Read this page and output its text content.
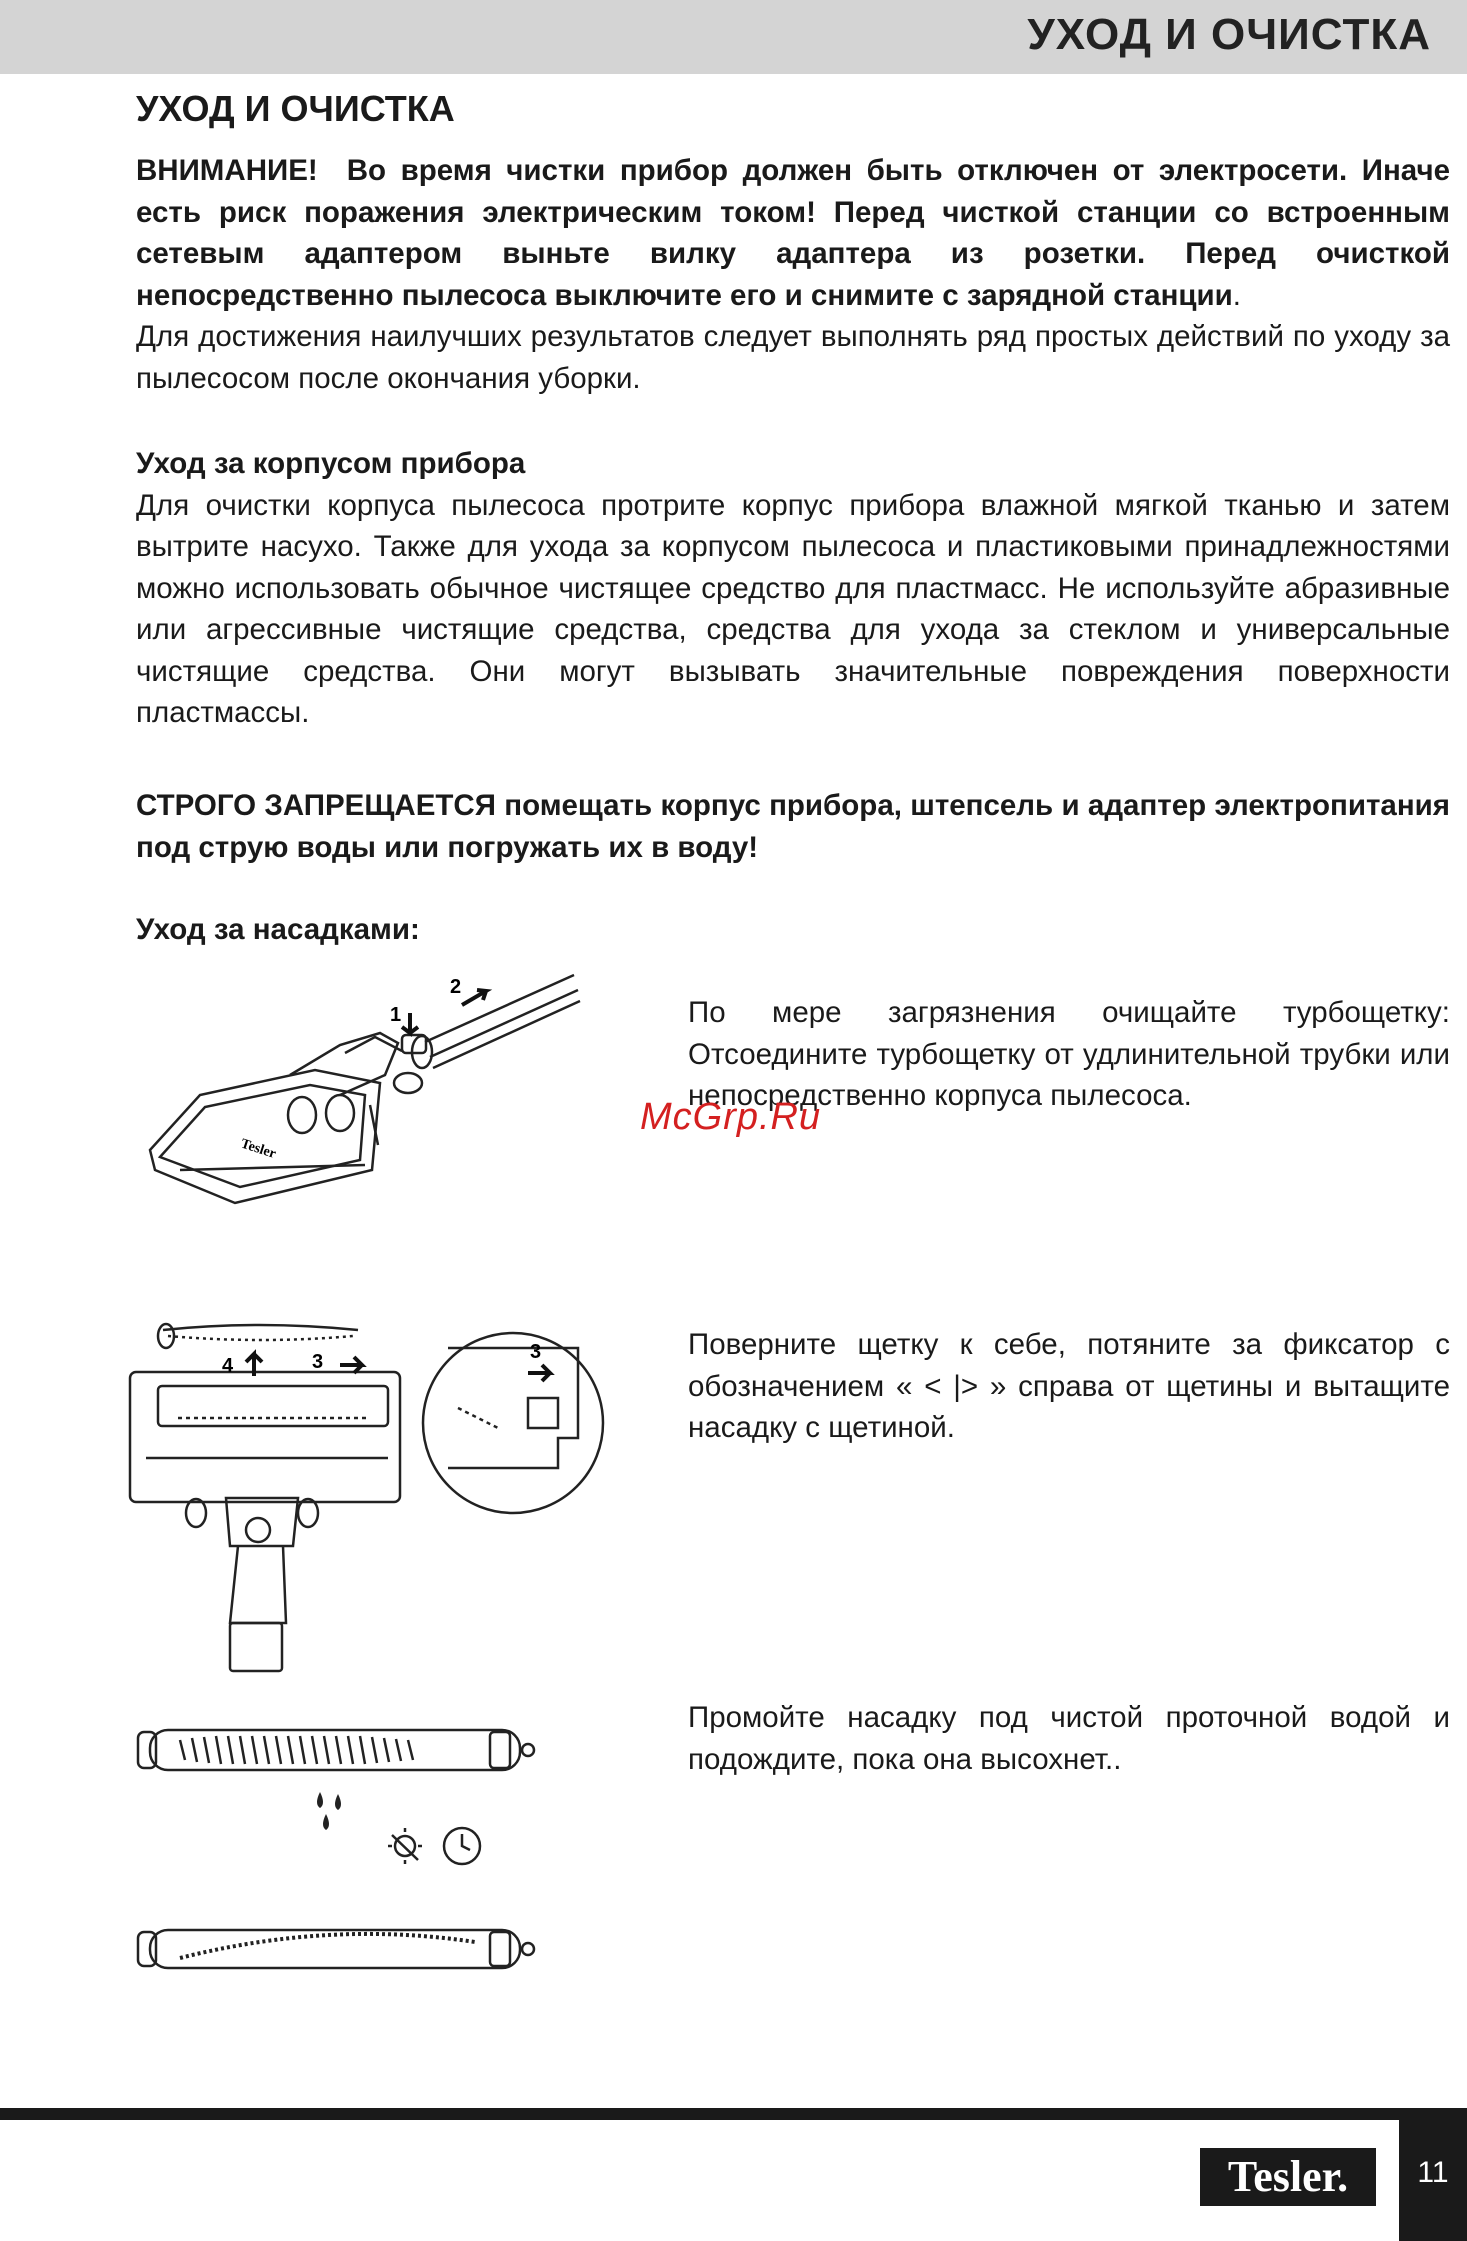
УХОД И ОЧИСТКА
УХОД И ОЧИСТКА

ВНИМАНИЕ! Во время чистки прибор должен быть отключен от электросети. Иначе есть риск поражения электрическим током! Перед чисткой станции со встроенным сетевым адаптером выньте вилку адаптера из розетки. Перед очисткой непосредственно пылесоса выключите его и снимите с зарядной станции.

Для достижения наилучших результатов следует выполнять ряд простых действий по уходу за пылесосом после окончания уборки.

Уход за корпусом прибора

Для очистки корпуса пылесоса протрите корпус прибора влажной мягкой тканью и затем вытрите насухо. Также для ухода за корпусом пылесоса и пластиковыми принадлежностями можно использовать обычное чистящее средство для пластмасс. Не используйте абразивные или агрессивные чистящие средства, средства для ухода за стеклом и универсальные чистящие средства. Они могут вызывать значительные повреждения поверхности пластмассы.

СТРОГО ЗАПРЕЩАЕТСЯ помещать корпус прибора, штепсель и адаптер электропитания под струю воды или погружать их в воду!

Уход за насадками:

По мере загрязнения очищайте турбощетку: Отсоедините турбощетку от удлинительной трубки или непосредственно корпуса пылесоса.

Поверните щетку к себе, потяните за фиксатор с обозначением « < |> » справа от щетины и вытащите насадку с щетиной.

Промойте насадку под чистой проточной водой и подождите, пока она высохнет..

McGrp.Ru
1
2
Tesler
4	3	3
Tesler.	11
